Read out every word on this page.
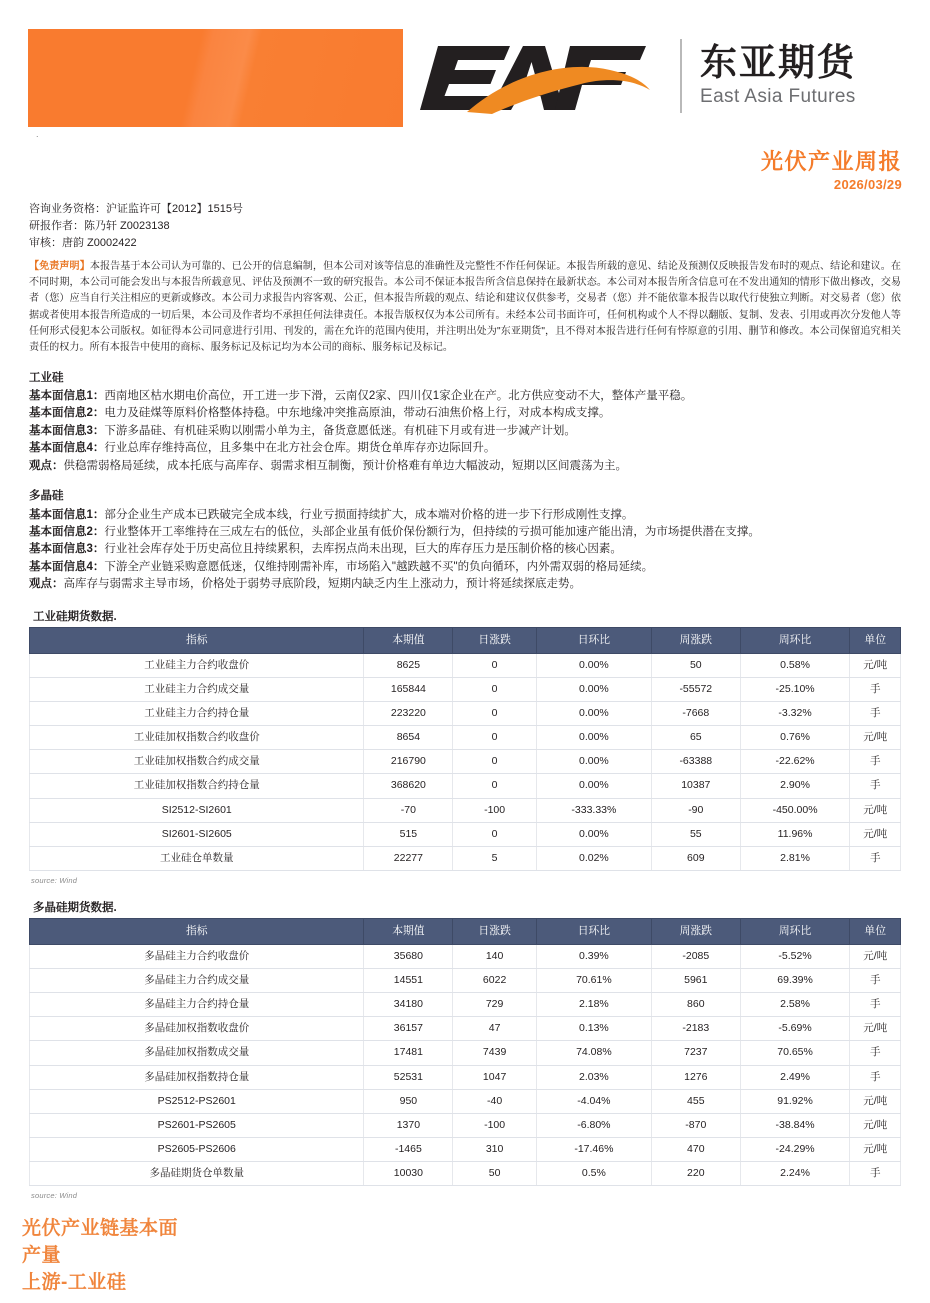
东亚期货
East Asia Futures
.
光伏产业周报
2026/03/29
咨询业务资格：沪证监许可【2012】1515号
研报作者：陈乃轩 Z0023138
审核：唐韵 Z0002422
【免责声明】本报告基于本公司认为可靠的、已公开的信息编制，但本公司对该等信息的准确性及完整性不作任何保证。本报告所载的意见、结论及预测仅反映报告发布时的观点、结论和建议。在不同时期，本公司可能会发出与本报告所载意见、评估及预测不一致的研究报告。本公司不保证本报告所含信息保持在最新状态。本公司对本报告所含信息可在不发出通知的情形下做出修改，交易者（您）应当自行关注相应的更新或修改。本公司力求报告内容客观、公正，但本报告所载的观点、结论和建议仅供参考，交易者（您）并不能依靠本报告以取代行使独立判断。对交易者（您）依据或者使用本报告所造成的一切后果，本公司及作者均不承担任何法律责任。本报告版权仅为本公司所有。未经本公司书面许可，任何机构或个人不得以翻版、复制、发表、引用或再次分发他人等任何形式侵犯本公司版权。如征得本公司同意进行引用、刊发的，需在允许的范围内使用，并注明出处为"东亚期货"，且不得对本报告进行任何有悖原意的引用、删节和修改。本公司保留追究相关责任的权力。所有本报告中使用的商标、服务标记及标记均为本公司的商标、服务标记及标记。
工业硅

基本面信息1：西南地区枯水期电价高位，开工进一步下滑，云南仅2家、四川仅1家企业在产。北方供应变动不大，整体产量平稳。

基本面信息2：电力及硅煤等原料价格整体持稳。中东地缘冲突推高原油，带动石油焦价格上行，对成本构成支撑。

基本面信息3：下游多晶硅、有机硅采购以刚需小单为主，备货意愿低迷。有机硅下月或有进一步减产计划。

基本面信息4：行业总库存维持高位，且多集中在北方社会仓库。期货仓单库存亦边际回升。

观点：供稳需弱格局延续，成本托底与高库存、弱需求相互制衡，预计价格难有单边大幅波动，短期以区间震荡为主。

多晶硅

基本面信息1：部分企业生产成本已跌破完全成本线，行业亏损面持续扩大，成本端对价格的进一步下行形成刚性支撑。

基本面信息2：行业整体开工率维持在三成左右的低位，头部企业虽有低价保份额行为，但持续的亏损可能加速产能出清，为市场提供潜在支撑。

基本面信息3：行业社会库存处于历史高位且持续累积，去库拐点尚未出现，巨大的库存压力是压制价格的核心因素。

基本面信息4：下游全产业链采购意愿低迷，仅维持刚需补库，市场陷入"越跌越不买"的负向循环，内外需双弱的格局延续。

观点：高库存与弱需求主导市场，价格处于弱势寻底阶段，短期内缺乏内生上涨动力，预计将延续探底走势。

工业硅期货数据.
指标	本期值	日涨跌	日环比	周涨跌	周环比	单位
工业硅主力合约收盘价	8625	0	0.00%	50	0.58%	元/吨
工业硅主力合约成交量	165844	0	0.00%	-55572	-25.10%	手
工业硅主力合约持仓量	223220	0	0.00%	-7668	-3.32%	手
工业硅加权指数合约收盘价	8654	0	0.00%	65	0.76%	元/吨
工业硅加权指数合约成交量	216790	0	0.00%	-63388	-22.62%	手
工业硅加权指数合约持仓量	368620	0	0.00%	10387	2.90%	手
SI2512-SI2601	-70	-100	-333.33%	-90	-450.00%	元/吨
SI2601-SI2605	515	0	0.00%	55	11.96%	元/吨
工业硅仓单数量	22277	5	0.02%	609	2.81%	手
source: Wind
多晶硅期货数据.
指标	本期值	日涨跌	日环比	周涨跌	周环比	单位
多晶硅主力合约收盘价	35680	140	0.39%	-2085	-5.52%	元/吨
多晶硅主力合约成交量	14551	6022	70.61%	5961	69.39%	手
多晶硅主力合约持仓量	34180	729	2.18%	860	2.58%	手
多晶硅加权指数收盘价	36157	47	0.13%	-2183	-5.69%	元/吨
多晶硅加权指数成交量	17481	7439	74.08%	7237	70.65%	手
多晶硅加权指数持仓量	52531	1047	2.03%	1276	2.49%	手
PS2512-PS2601	950	-40	-4.04%	455	91.92%	元/吨
PS2601-PS2605	1370	-100	-6.80%	-870	-38.84%	元/吨
PS2605-PS2606	-1465	310	-17.46%	470	-24.29%	元/吨
多晶硅期货仓单数量	10030	50	0.5%	220	2.24%	手
source: Wind
光伏产业链基本面
产量
上游-工业硅
